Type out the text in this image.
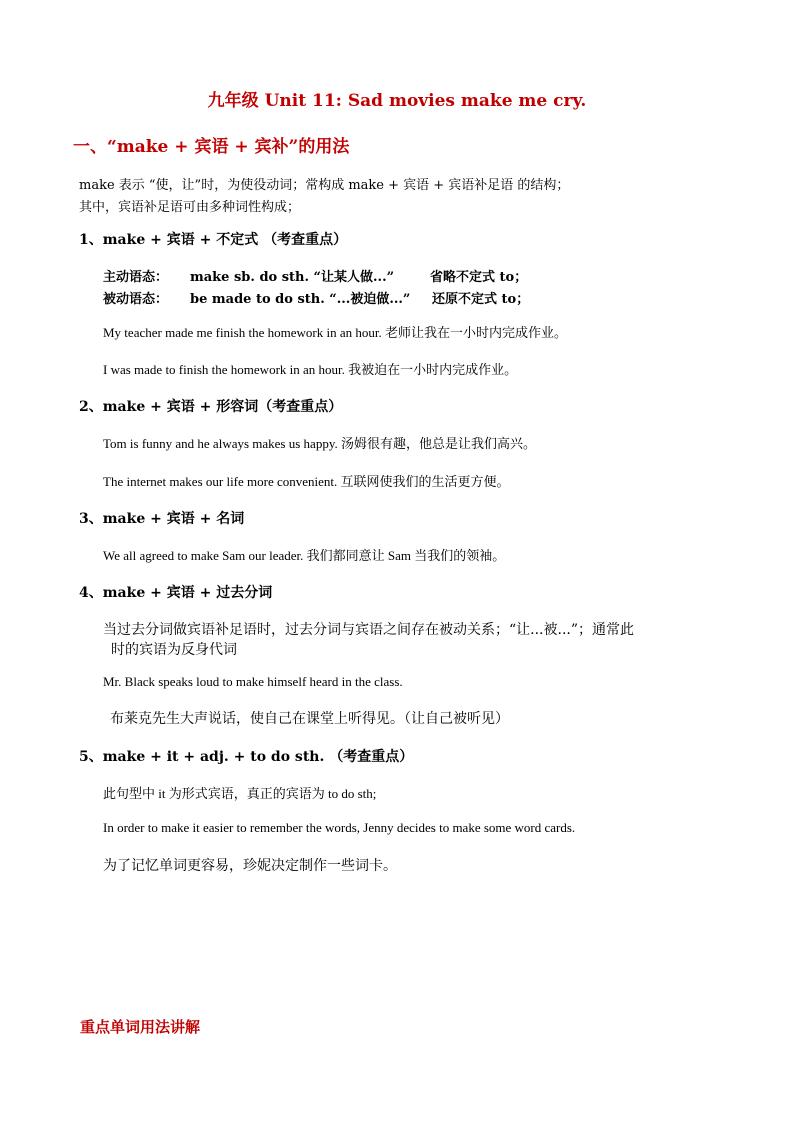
九年级 Unit 11: Sad movies make me cry.
一、“make + 宾语 + 宾补”的用法
make 表示 “使，让”时，为使役动词；常构成 make + 宾语 + 宾语补足语 的结构；
其中，宾语补足语可由多种词性构成；
1、make + 宾语 + 不定式 （考查重点）
主动语态： make sb. do sth. “让某人做...”	省略不定式 to；
被动语态： be made to do sth. “...被迫做...” 还原不定式 to；
My teacher made me finish the homework in an hour. 老师让我在一小时内完成作业。
I was made to finish the homework in an hour. 我被迫在一小时内完成作业。
2、make + 宾语 + 形容词（考查重点）
Tom is funny and he always makes us happy. 汤姆很有趣，他总是让我们高兴。
The internet makes our life more convenient. 互联网使我们的生活更方便。
3、make + 宾语 + 名词
We all agreed to make Sam our leader. 我们都同意让 Sam 当我们的领袖。
4、make + 宾语 + 过去分词
当过去分词做宾语补足语时，过去分词与宾语之间存在被动关系；“让...被...”；通常此
时的宾语为反身代词
Mr. Black speaks loud to make himself heard in the class.
布莱克先生大声说话，使自己在课堂上听得见。（让自己被听见）
5、make + it + adj. + to do sth. （考查重点）
此句型中 it 为形式宾语，真正的宾语为 to do sth;
In order to make it easier to remember the words, Jenny decides to make some word cards.
为了记忆单词更容易，珍妮决定制作一些词卡。
重点单词用法讲解
